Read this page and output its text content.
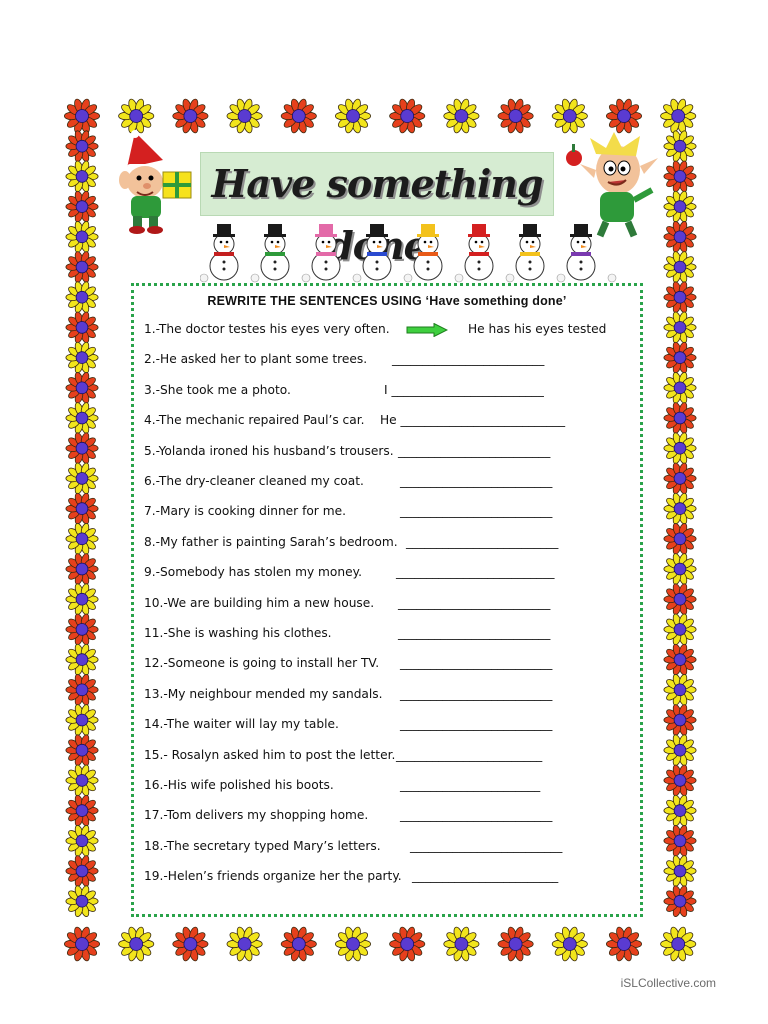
Have something
REWRITE THE SENTENCES USING ‘Have something done’
1.-The doctor testes his eyes very often.	He has his eyes tested
2.-He asked her to plant some trees. _________________________
3.-She took me a photo.	I _________________________
4.-The mechanic repaired Paul’s car. He ___________________________
5.-Yolanda ironed his husband’s trousers. _________________________
6.-The dry-cleaner cleaned my coat.	_________________________
7.-Mary is cooking dinner for me.	_________________________
8.-My father is painting Sarah’s bedroom. _________________________
9.-Somebody has stolen my money.	__________________________
10.-We are building him a new house. _________________________
11.-She is washing his clothes.	_________________________
12.-Someone is going to install her TV. _________________________
13.-My neighbour mended my sandals. _________________________
14.-The waiter will lay my table.	_________________________
15.- Rosalyn asked him to post the letter. ________________________
16.-His wife polished his boots.	_______________________
17.-Tom delivers my shopping home.	_________________________
18.-The secretary typed Mary’s letters. _________________________
19.-Helen’s friends organize her the party. ________________________
iSLCollective.com
